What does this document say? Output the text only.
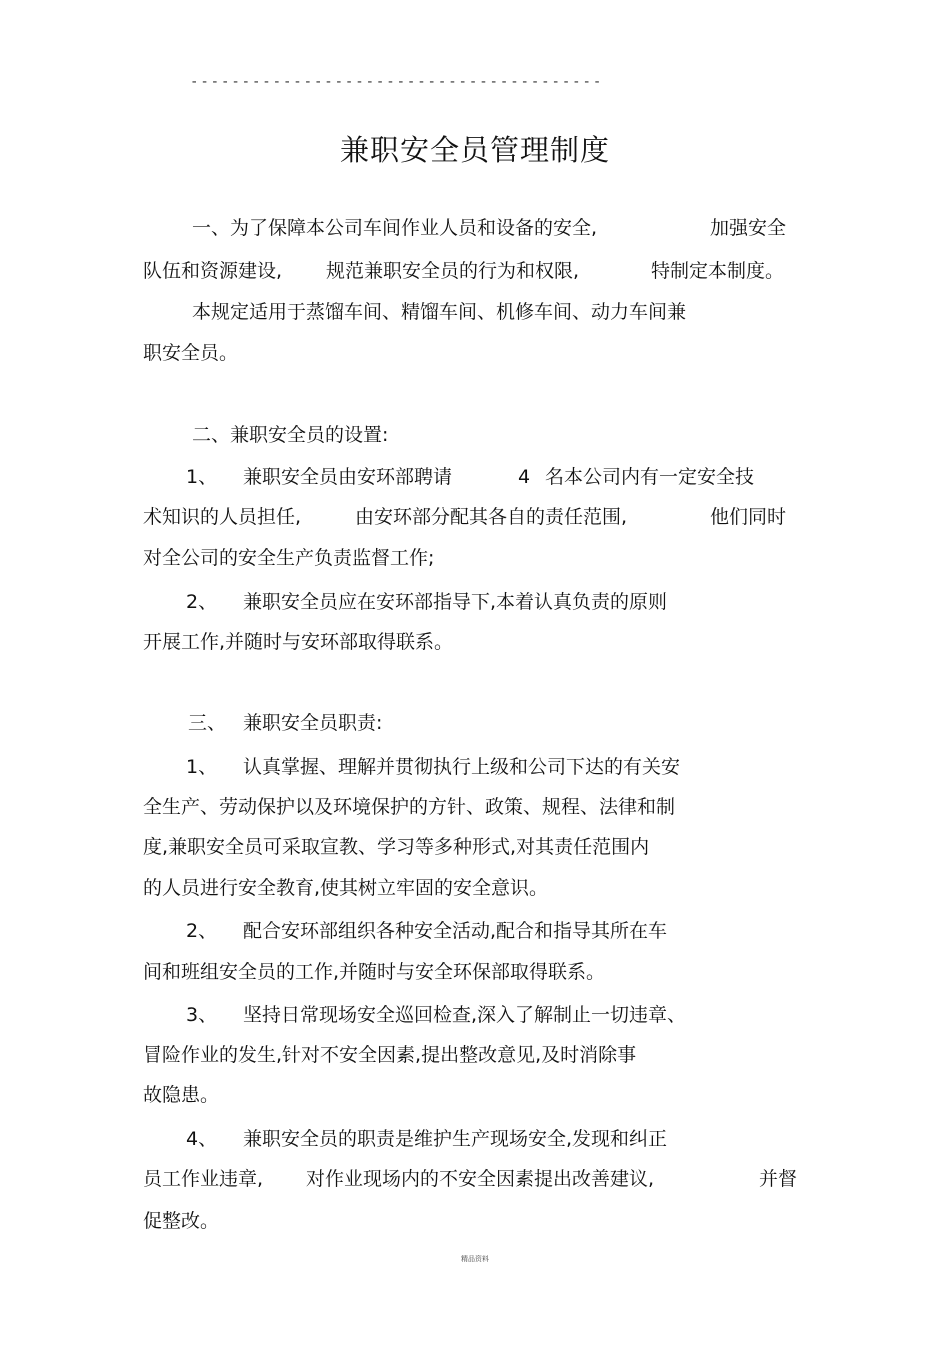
----------------------------------------
兼职安全员管理制度
一、为了保障本公司车间作业人员和设备的安全,	加强安全
队伍和资源建设, 规范兼职安全员的行为和权限,	特制定本制度。
本规定适用于蒸馏车间、精馏车间、机修车间、动力车间兼
职安全员。
二、兼职安全员的设置:
1、 兼职安全员由安环部聘请	4 名本公司内有一定安全技
术知识的人员担任,	由安环部分配其各自的责任范围,	他们同时
对全公司的安全生产负责监督工作;
2、 兼职安全员应在安环部指导下,本着认真负责的原则
开展工作,并随时与安环部取得联系。
三、 兼职安全员职责:
1、 认真掌握、理解并贯彻执行上级和公司下达的有关安
全生产、劳动保护以及环境保护的方针、政策、规程、法律和制
度,兼职安全员可采取宣教、学习等多种形式,对其责任范围内
的人员进行安全教育,使其树立牢固的安全意识。
2、 配合安环部组织各种安全活动,配合和指导其所在车
间和班组安全员的工作,并随时与安全环保部取得联系。
3、 坚持日常现场安全巡回检查,深入了解制止一切违章、
冒险作业的发生,针对不安全因素,提出整改意见,及时消除事
故隐患。
4、 兼职安全员的职责是维护生产现场安全,发现和纠正
员工作业违章, 对作业现场内的不安全因素提出改善建议,	并督
促整改。
精品资料
